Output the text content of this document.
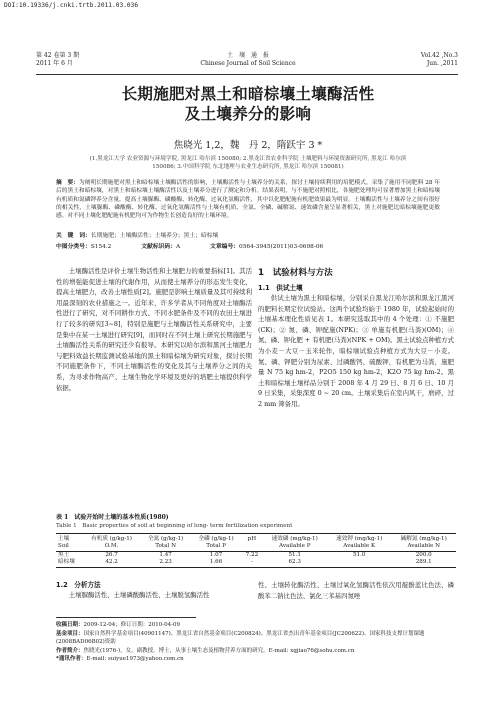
DOI:10.19336/j.cnki.trtb.2011.03.036
第 42 卷第 3 期
2011 年 6 月
土　壤　通　报
Chinese Journal of Soil Science
Vol.42 ,No.3
Jun. ,2011
长期施肥对黑土和暗棕壤土壤酶活性
及土壤养分的影响
焦晓光 1,2，魏　丹 2，隋跃宇 3 *
(1.黑龙江大学 农业资源与环境学院, 黑龙江 哈尔滨 150080; 2.黑龙江省农业科学院 土壤肥料与环境资源研究所, 黑龙江 哈尔滨
150086; 3.中国科学院 东北地理与农业生态研究所, 黑龙江 哈尔滨 150081)
摘　要：为阐明长期施肥对黑土和暗棕壤土壤酶活性的影响，土壤酶活性与土壤养分的关系，探讨土壤持续利用的培肥模式，采集了施用不同肥料 28 年后的黑土和暗棕壤，对黑土和暗棕壤土壤酶活性以及土壤养分进行了测定和分析。结果表明，与不施肥对照相比，各施肥处理均可显著增加黑土和暗棕壤有机质和氮磷钾养分含量，提高土壤脲酶、磷酸酶、转化酶、过氧化氢酶活性，其中以化肥配施有机肥效果最为明显。土壤酶活性与土壤养分之间有很好的相关性，土壤脲酶、磷酸酶、转化酶、过氧化氢酶活性与土壤有机质、全氮、全磷、碱解氮、速效磷含量呈显著相关，黑土对施肥比暗棕壤施肥更敏感。对不同土壤化肥配施有机肥均可为作物生长创造良好的土壤环境。
关　键　词：长期施肥；土壤酶活性；土壤养分；黑土；暗棕壤
中图分类号：S154.2	文献标识码：A	文章编号：0564-3945(2011)03-0698-06
土壤酶活性是评价土壤生物活性和土壤肥力的重要指标[1]。其活性的增强能促进土壤的代谢作用，从而使土壤养分的形态发生变化，提高土壤肥力，改善土壤性质[2]。施肥是影响土壤质量及其可持续利用最深刻的农业措施之一。近年来，许多学者从不同角度对土壤酶活性进行了研究，对不同耕作方式、不同水肥条件及不同的农田土壤进行了较多的研究[3~8]，特别是施肥与土壤酶活性关系研究中，主要是集中在某一土壤进行研究[9]，而同时在不同土壤上研究长期施肥与土壤酶活性关系的研究还少有报导。本研究以哈尔滨和黑河土壤肥力与肥料效益长期监测试验基地的黑土和暗棕壤为研究对象，探讨长期不同施肥条件下，不同土壤酶活性的变化及其与土壤养分之间的关系，为寻求作物高产、土壤生物化学环境及更好的培肥土壤提供科学依据。
1　试验材料与方法
1.1　供试土壤
供试土壤为黑土和暗棕壤，分别采自黑龙江哈尔滨和黑龙江黑河的肥料长期定位试验站。这两个试验均始于 1980 年，试验起始时的土壤基本理化性质见表 1。本研究选取其中的 4 个处理：① 不施肥(CK)；② 氮、磷、钾配施(NPK)；③ 单施有机肥(马粪)(OM)；④ 氮、磷、钾化肥 + 有机肥(马粪)(NPK + OM)。黑土试验点种植方式为小麦－大豆－玉米轮作，暗棕壤试验点种植方式为大豆－小麦。氮、磷、钾肥分别为尿素、过磷酸钙、硫酸钾，有机肥为马粪，施肥量 N 75 kg hm-2，P2O5 150 kg hm-2，K2O 75 kg hm-2。黑土和暗棕壤土壤样品分别于 2008 年 4 月 29 日、8 月 6 日、10 月 9 日采集，采集深度 0 ~ 20 cm。土壤采集后在室内风干，磨碎，过 2 mm 筛备用。
表 1　试验开始时土壤的基本性质(1980)
Table 1　Basic properties of soil at beginning of long- term fertilization experiment
土壤	有机质 (g/kg-1)	全氮 (g/kg-1)	全磷 (g/kg-1)	pH	速效磷 (mg/kg-1)	速效钾 (mg/kg-1)	碱解氮 (mg/kg-1)
Soil	O.M.	Total N	Total P		Available P	Available K	Available N
黑土	26.7	1.47	1.07	7.22	51.1	51.0	200.0
暗棕壤	42.2	2.23	1.66	-	62.3		289.1
1.2　分析方法
土壤脲酶活性、土壤磷酸酶活性、土壤脱氢酶活性
性、土壤转化酶活性、土壤过氧化氢酶活性依次用靛酚蓝比色法、磷酸苯二钠比色法、氯化三苯基四氮唑
收稿日期：2009-12-04；修订日期：2010-04-09
基金项目：国家自然科学基金项目(40901147)、黑龙江省自然基金项目(C200824)、黑龙江省杰出青年基金项目(JC200622)、国家科技支撑计划课题(2008BAD06B02)资助
作者简介：焦晓光(1976-)，女，副教授，博士，从事土壤生态及植物营养方面的研究。E-mail: xgjiao76@sohu.com.cn
*通讯作者：E-mail: suiyue1973@yahoo.com.cn
